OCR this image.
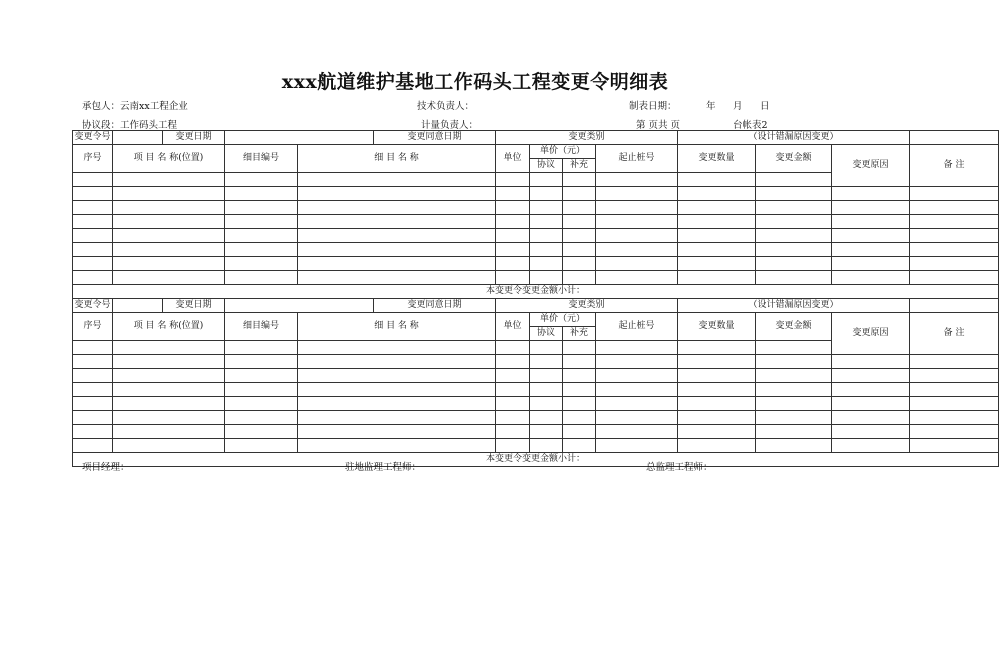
xxx航道维护基地工作码头工程变更令明细表
承包人：云南xx工程企业	技术负责人：	制表日期：	年 月 日
协议段：工作码头工程	计量负责人：	第 页共 页	台帐表2
变更令号		变更日期			变更同意日期	变更类别				（设计错漏原因变更）				
序号	项 目 名 称(位置)		细目编号	细 目 名 称		单位	单价（元）		起止桩号	变更数量	变更金额	变更原因	备 注	
							协议	补充						

本变更令变更金额小计：														
变更令号		变更日期			变更同意日期	变更类别				（设计错漏原因变更）				
序号	项 目 名 称(位置)		细目编号	细 目 名 称		单位	单价（元）		起止桩号	变更数量	变更金额	变更原因	备 注	
							协议	补充						

本变更令变更金额小计：														
项目经理：	驻地监理工程师：	总监理工程师：
